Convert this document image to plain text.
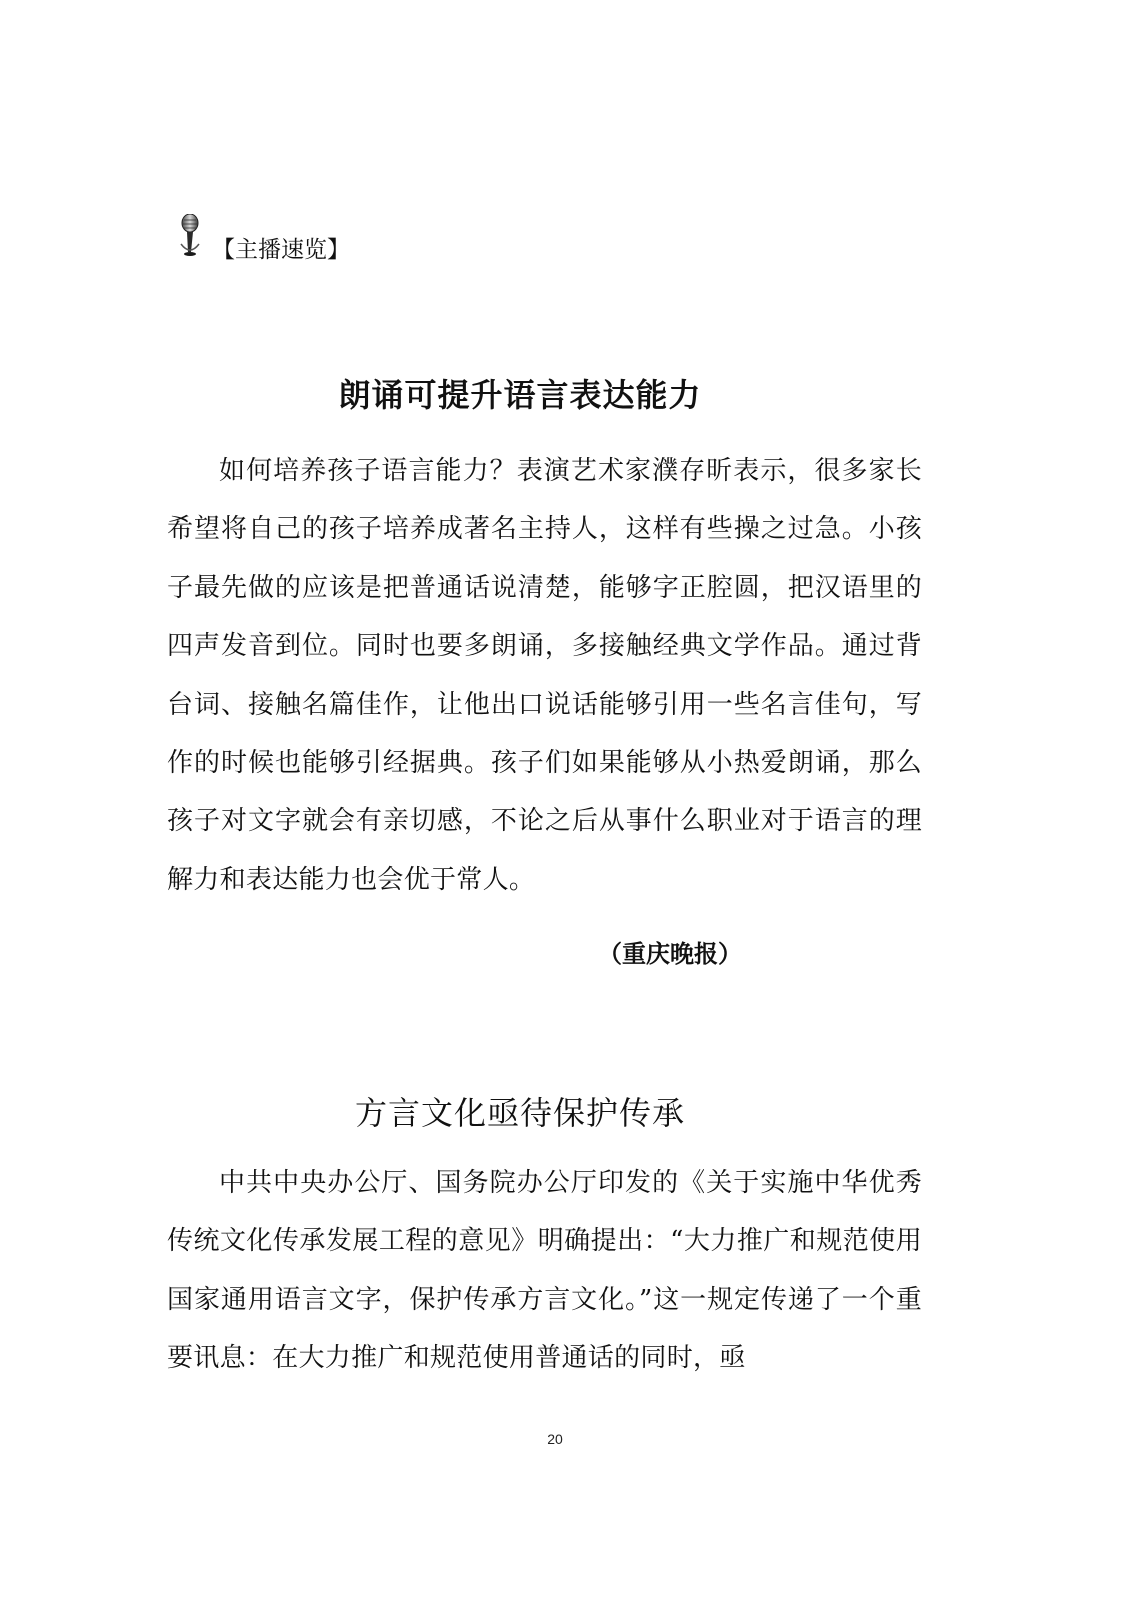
【主播速览】
朗诵可提升语言表达能力

如何培养孩子语言能力？表演艺术家濮存昕表示，很多家长希望将自己的孩子培养成著名主持人，这样有些操之过急。小孩子最先做的应该是把普通话说清楚，能够字正腔圆，把汉语里的四声发音到位。同时也要多朗诵，多接触经典文学作品。通过背台词、接触名篇佳作，让他出口说话能够引用一些名言佳句，写作的时候也能够引经据典。孩子们如果能够从小热爱朗诵，那么孩子对文字就会有亲切感，不论之后从事什么职业对于语言的理解力和表达能力也会优于常人。

（重庆晚报）
方言文化亟待保护传承

中共中央办公厅、国务院办公厅印发的《关于实施中华优秀传统文化传承发展工程的意见》明确提出：“大力推广和规范使用国家通用语言文字，保护传承方言文化。”这一规定传递了一个重要讯息：在大力推广和规范使用普通话的同时，亟

20
